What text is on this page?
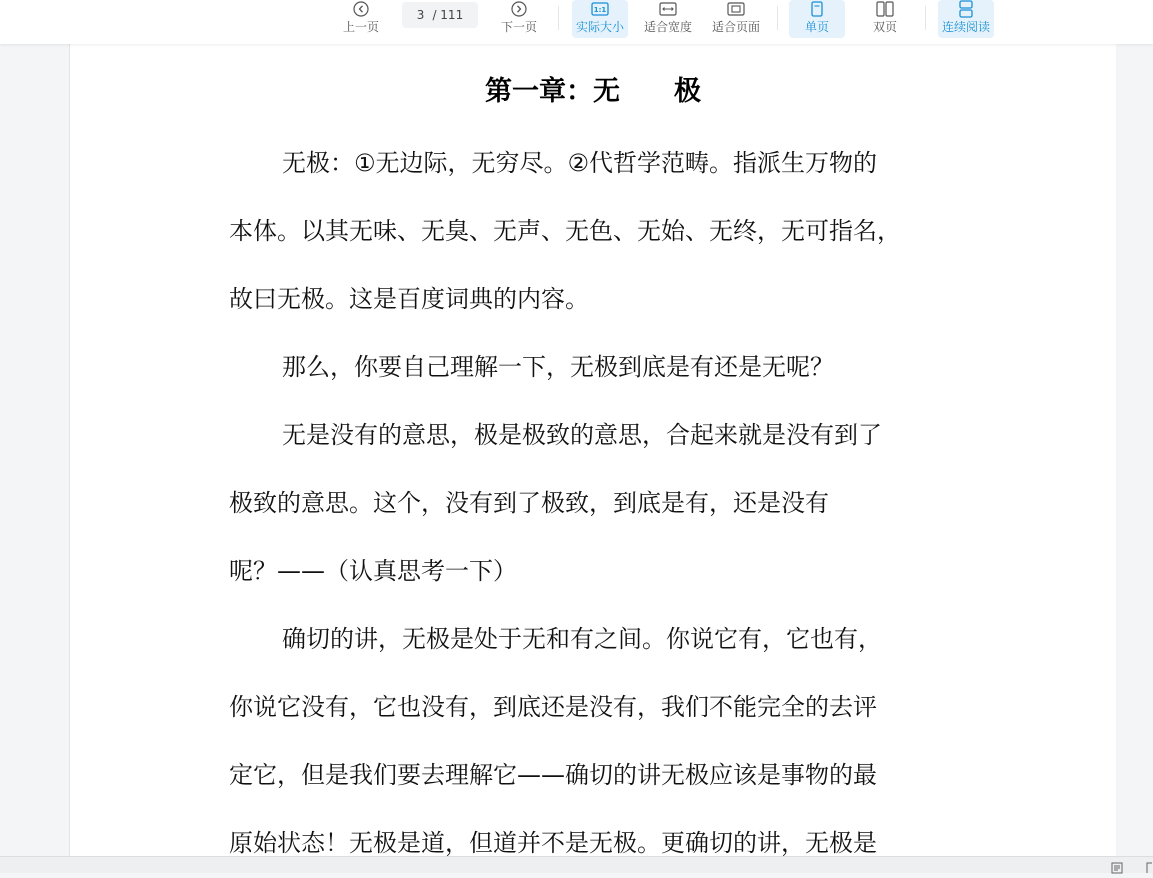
上一页
3 / 111
下一页
1:1
实际大小 适合宽度 适合页面	单页	双页	连续阅读
第一章：无　　极
无极：①无边际，无穷尽。②代哲学范畴。指派生万物的
本体。以其无味、无臭、无声、无色、无始、无终，无可指名，
故曰无极。这是百度词典的内容。
那么，你要自己理解一下，无极到底是有还是无呢？
无是没有的意思，极是极致的意思，合起来就是没有到了
极致的意思。这个，没有到了极致，到底是有，还是没有
呢？——（认真思考一下）
确切的讲，无极是处于无和有之间。你说它有，它也有，
你说它没有，它也没有，到底还是没有，我们不能完全的去评
定它，但是我们要去理解它——确切的讲无极应该是事物的最
原始状态！无极是道，但道并不是无极。更确切的讲，无极是
